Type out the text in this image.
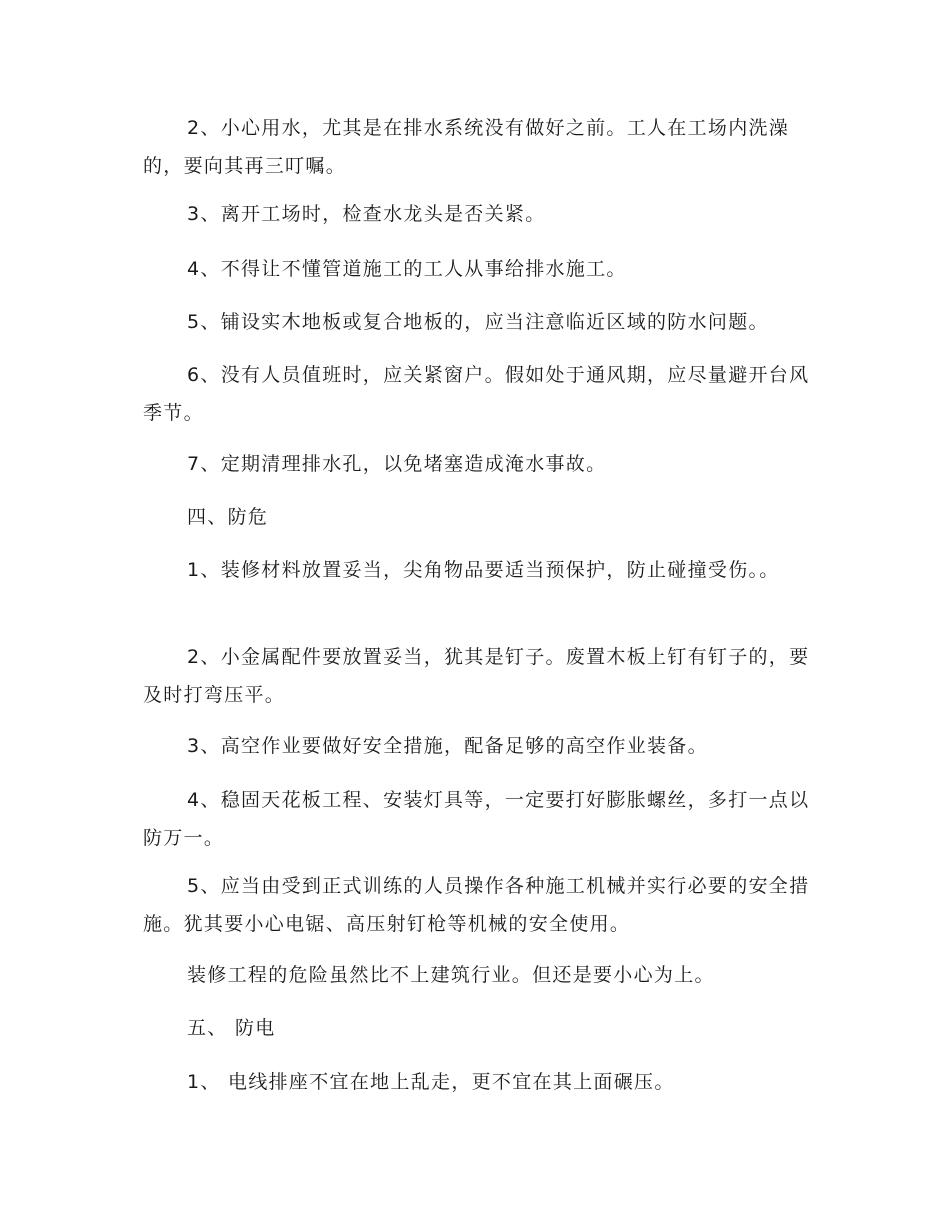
2、小心用水，尤其是在排水系统没有做好之前。工人在工场内洗澡的，要向其再三叮嘱。

3、离开工场时，检查水龙头是否关紧。

4、不得让不懂管道施工的工人从事给排水施工。

5、铺设实木地板或复合地板的，应当注意临近区域的防水问题。

6、没有人员值班时，应关紧窗户。假如处于通风期，应尽量避开台风季节。

7、定期清理排水孔，以免堵塞造成淹水事故。

四、防危

1、装修材料放置妥当，尖角物品要适当预保护，防止碰撞受伤。。

2、小金属配件要放置妥当，犹其是钉子。废置木板上钉有钉子的，要及时打弯压平。

3、高空作业要做好安全措施，配备足够的高空作业装备。

4、稳固天花板工程、安装灯具等，一定要打好膨胀螺丝，多打一点以防万一。

5、应当由受到正式训练的人员操作各种施工机械并实行必要的安全措施。犹其要小心电锯、高压射钉枪等机械的安全使用。

装修工程的危险虽然比不上建筑行业。但还是要小心为上。

五、 防电

1、 电线排座不宜在地上乱走，更不宜在其上面碾压。
